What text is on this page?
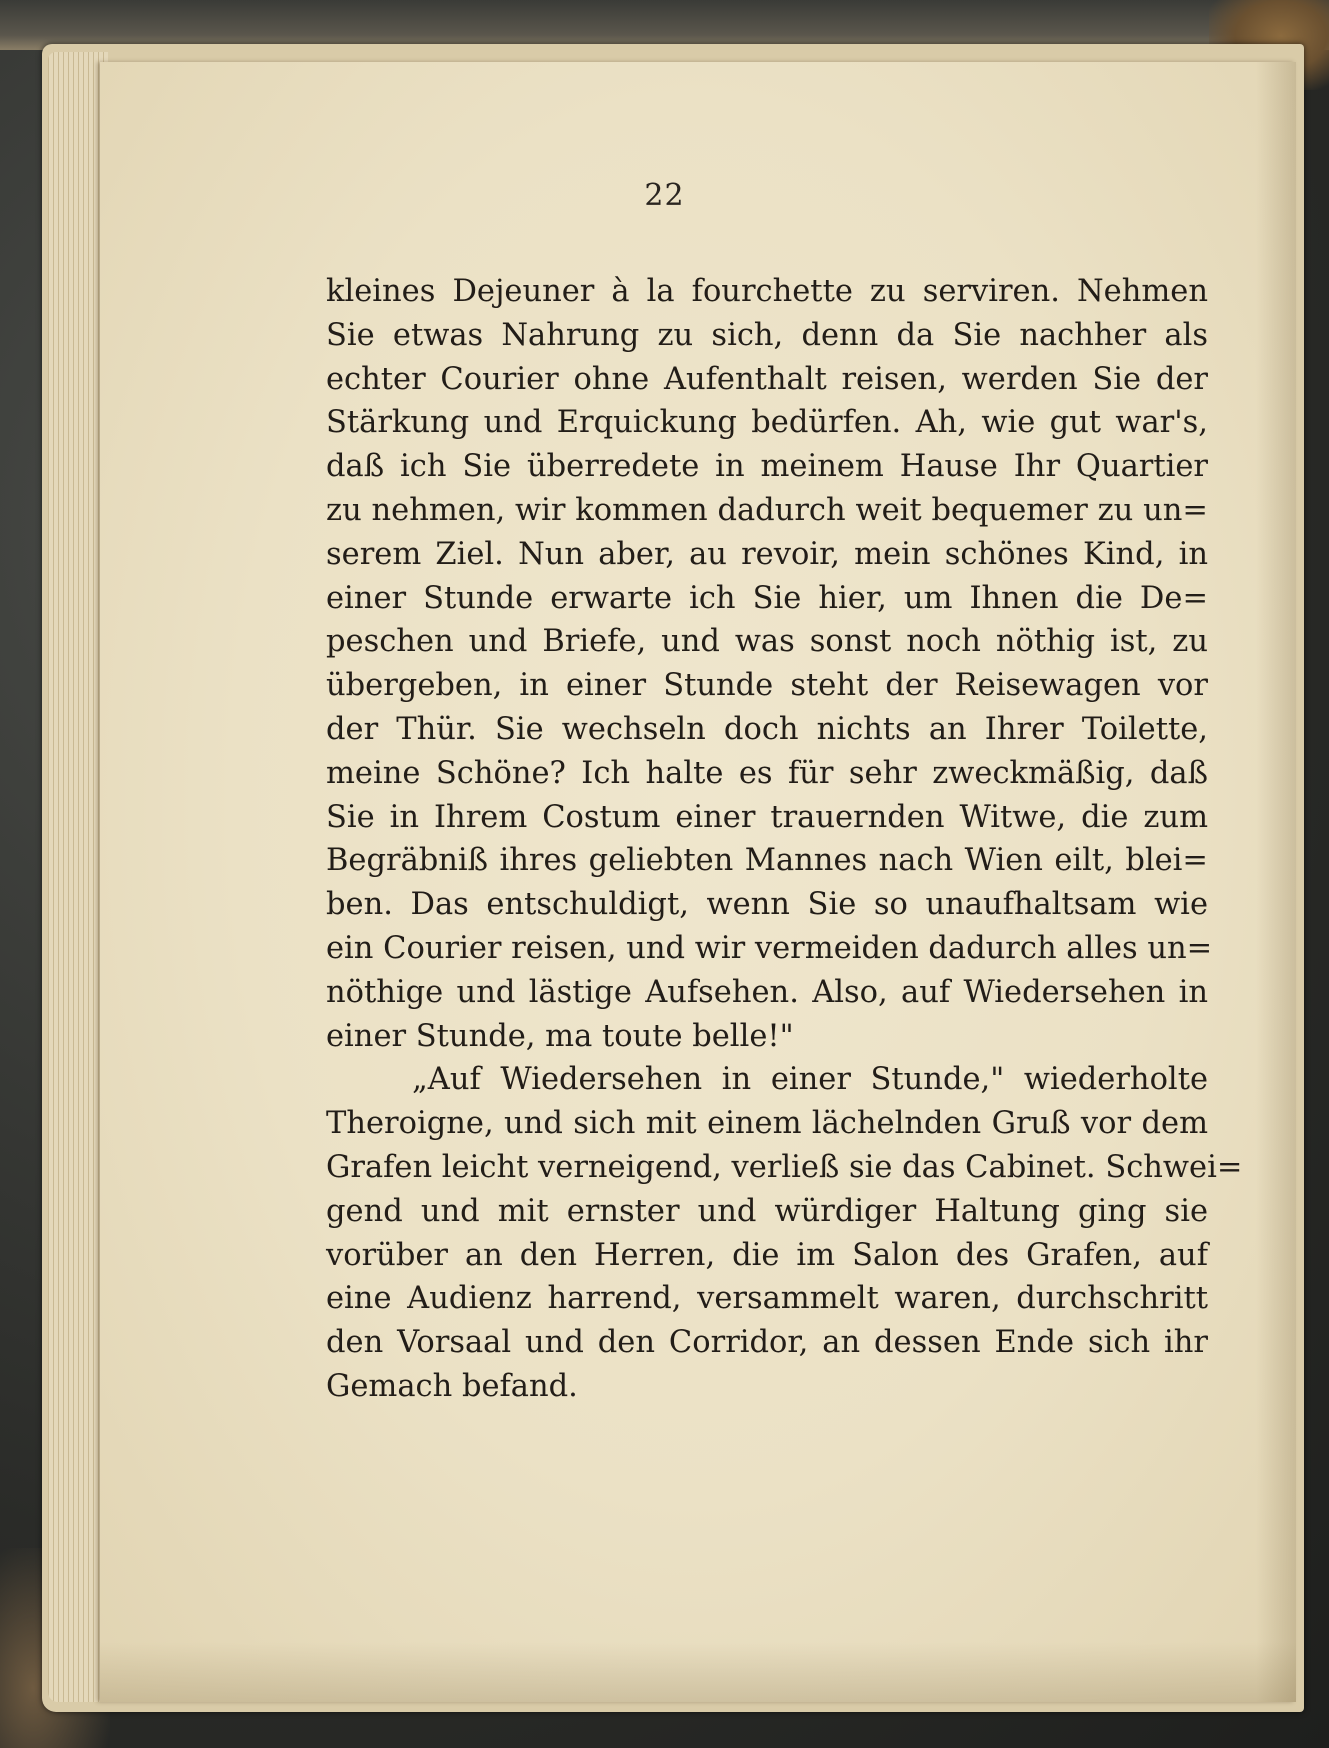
22
kleines Dejeuner à la fourchette zu serviren. Nehmen
Sie etwas Nahrung zu sich, denn da Sie nachher als
echter Courier ohne Aufenthalt reisen, werden Sie der
Stärkung und Erquickung bedürfen. Ah, wie gut war's,
daß ich Sie überredete in meinem Hause Ihr Quartier
zu nehmen, wir kommen dadurch weit bequemer zu un=
serem Ziel. Nun aber, au revoir, mein schönes Kind, in
einer Stunde erwarte ich Sie hier, um Ihnen die De=
peschen und Briefe, und was sonst noch nöthig ist, zu
übergeben, in einer Stunde steht der Reisewagen vor
der Thür. Sie wechseln doch nichts an Ihrer Toilette,
meine Schöne? Ich halte es für sehr zweckmäßig, daß
Sie in Ihrem Costum einer trauernden Witwe, die zum
Begräbniß ihres geliebten Mannes nach Wien eilt, blei=
ben. Das entschuldigt, wenn Sie so unaufhaltsam wie
ein Courier reisen, und wir vermeiden dadurch alles un=
nöthige und lästige Aufsehen. Also, auf Wiedersehen in
einer Stunde, ma toute belle!"
„Auf Wiedersehen in einer Stunde," wiederholte
Theroigne, und sich mit einem lächelnden Gruß vor dem
Grafen leicht verneigend, verließ sie das Cabinet. Schwei=
gend und mit ernster und würdiger Haltung ging sie
vorüber an den Herren, die im Salon des Grafen, auf
eine Audienz harrend, versammelt waren, durchschritt
den Vorsaal und den Corridor, an dessen Ende sich ihr
Gemach befand.
